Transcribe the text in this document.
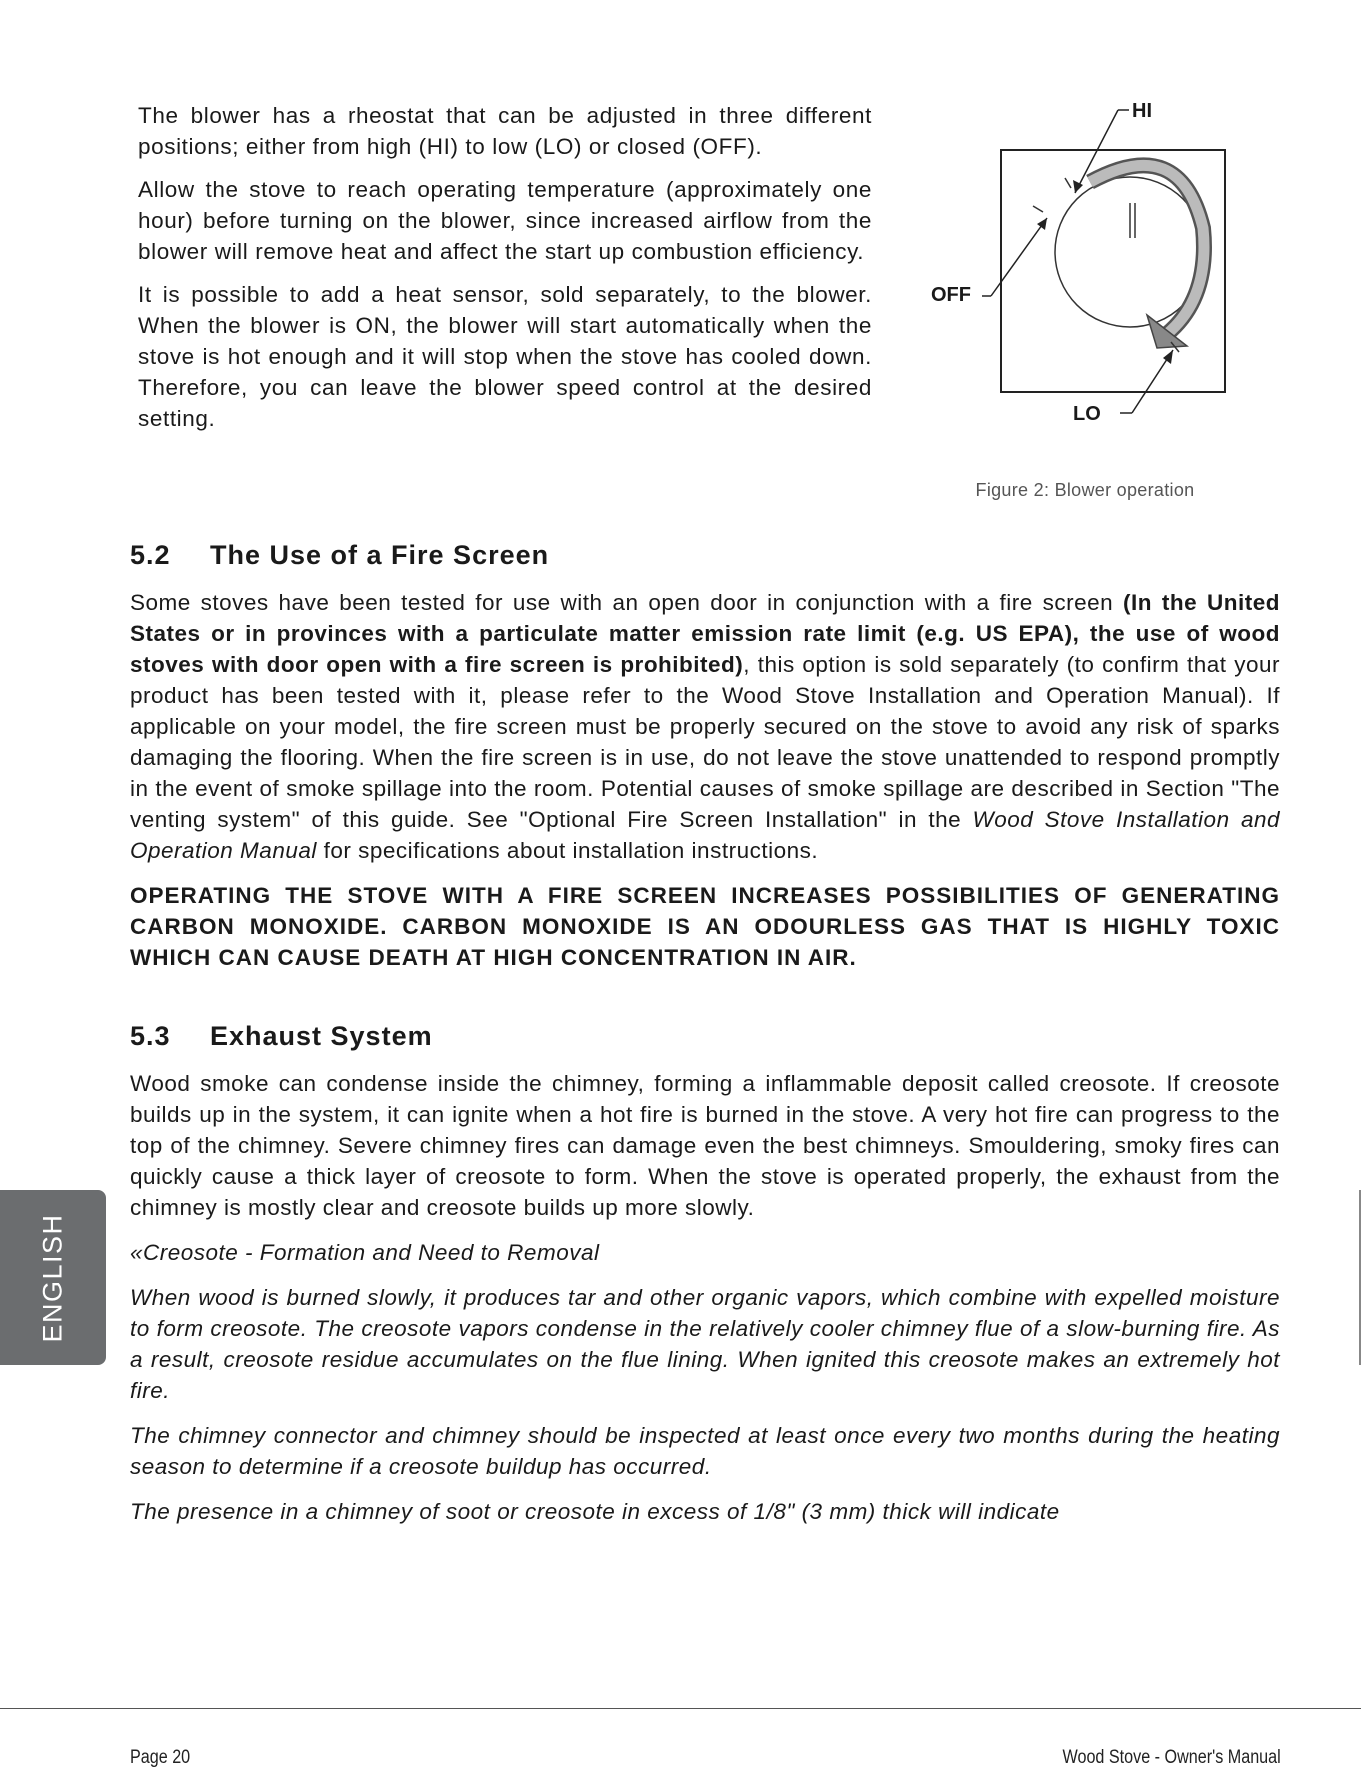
The blower has a rheostat that can be adjusted in three different positions; either from high (HI) to low (LO) or closed (OFF).

Allow the stove to reach operating temperature (approximately one hour) before turning on the blower, since increased airflow from the blower will remove heat and affect the start up combustion efficiency.

It is possible to add a heat sensor, sold separately, to the blower. When the blower is ON, the blower will start automatically when the stove is hot enough and it will stop when the stove has cooled down. Therefore, you can leave the blower speed control at the desired setting.

HI
OFF
LO
Figure 2: Blower operation
5.2	The Use of a Fire Screen

Some stoves have been tested for use with an open door in conjunction with a fire screen (In the United States or in provinces with a particulate matter emission rate limit (e.g. US EPA), the use of wood stoves with door open with a fire screen is prohibited), this option is sold separately (to confirm that your product has been tested with it, please refer to the Wood Stove Installation and Operation Manual). If applicable on your model, the fire screen must be properly secured on the stove to avoid any risk of sparks damaging the flooring. When the fire screen is in use, do not leave the stove unattended to respond promptly in the event of smoke spillage into the room. Potential causes of smoke spillage are described in Section "The venting system" of this guide. See "Optional Fire Screen Installation" in the Wood Stove Installation and Operation Manual for specifications about installation instructions.

OPERATING THE STOVE WITH A FIRE SCREEN INCREASES POSSIBILITIES OF GENERATING CARBON MONOXIDE. CARBON MONOXIDE IS AN ODOURLESS GAS THAT IS HIGHLY TOXIC WHICH CAN CAUSE DEATH AT HIGH CONCENTRATION IN AIR.

5.3	Exhaust System

Wood smoke can condense inside the chimney, forming a inflammable deposit called creosote. If creosote builds up in the system, it can ignite when a hot fire is burned in the stove. A very hot fire can progress to the top of the chimney. Severe chimney fires can damage even the best chimneys. Smouldering, smoky fires can quickly cause a thick layer of creosote to form. When the stove is operated properly, the exhaust from the chimney is mostly clear and creosote builds up more slowly.

«Creosote - Formation and Need to Removal

When wood is burned slowly, it produces tar and other organic vapors, which combine with expelled moisture to form creosote. The creosote vapors condense in the relatively cooler chimney flue of a slow-burning fire. As a result, creosote residue accumulates on the flue lining. When ignited this creosote makes an extremely hot fire.

The chimney connector and chimney should be inspected at least once every two months during the heating season to determine if a creosote buildup has occurred.

The presence in a chimney of soot or creosote in excess of 1/8" (3 mm) thick will indicate

ENGLISH
Page 20	Wood Stove - Owner's Manual
